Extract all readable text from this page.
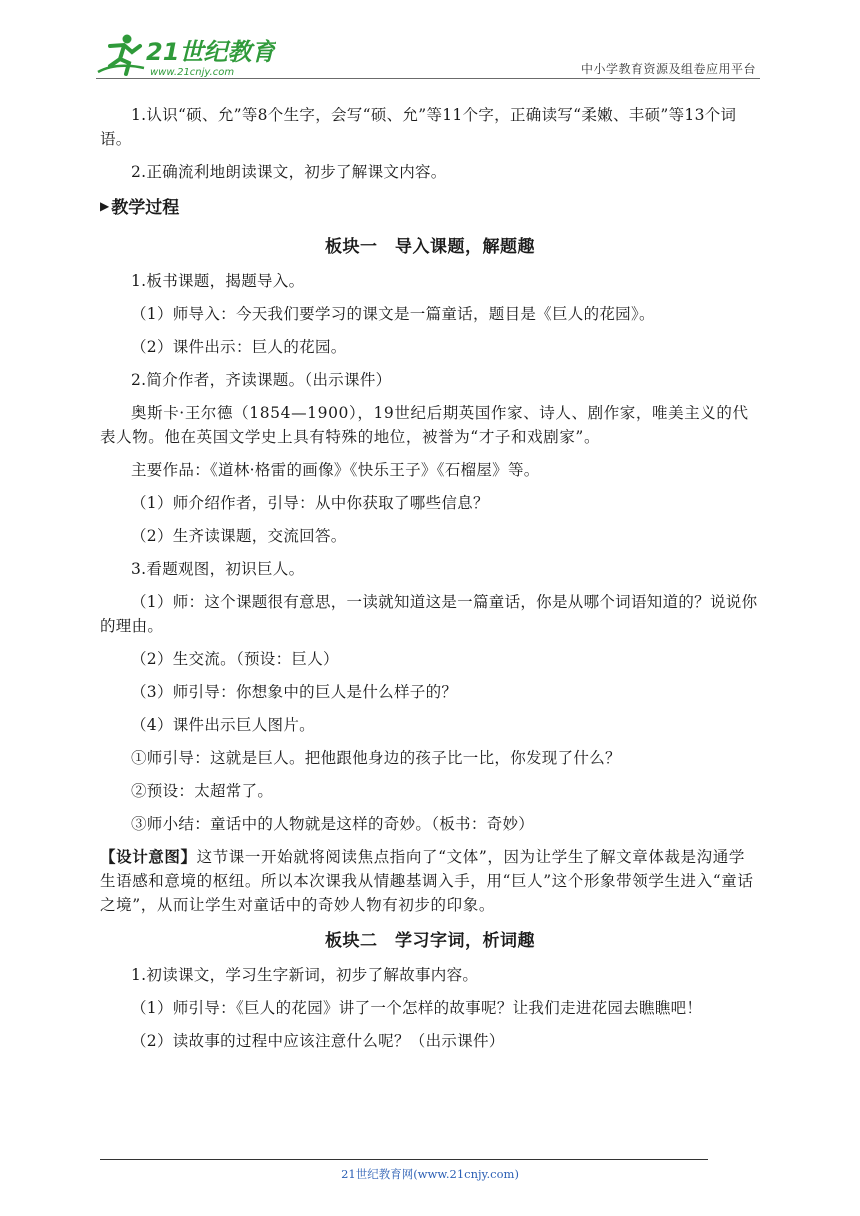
21世纪教育
www.21cnjy.com	中小学教育资源及组卷应用平台

1.认识“硕、允”等8个生字，会写“硕、允”等11个字，正确读写“柔嫩、丰硕”等13个词语。

2.正确流利地朗读课文，初步了解课文内容。

▶ 教学过程
板块一　导入课题，解题趣

1.板书课题，揭题导入。

（1）师导入：今天我们要学习的课文是一篇童话，题目是《巨人的花园》。

（2）课件出示：巨人的花园。

2.简介作者，齐读课题。（出示课件）

奥斯卡·王尔德（1854—1900），19世纪后期英国作家、诗人、剧作家，唯美主义的代表人物。他在英国文学史上具有特殊的地位，被誉为“才子和戏剧家”。

主要作品：《道林·格雷的画像》《快乐王子》《石榴屋》等。

（1）师介绍作者，引导：从中你获取了哪些信息？

（2）生齐读课题，交流回答。

3.看题观图，初识巨人。

（1）师：这个课题很有意思，一读就知道这是一篇童话，你是从哪个词语知道的？说说你的理由。

（2）生交流。（预设：巨人）

（3）师引导：你想象中的巨人是什么样子的？

（4）课件出示巨人图片。

①师引导：这就是巨人。把他跟他身边的孩子比一比，你发现了什么？

②预设：太超常了。

③师小结：童话中的人物就是这样的奇妙。（板书：奇妙）

【设计意图】这节课一开始就将阅读焦点指向了“文体”，因为让学生了解文章体裁是沟通学生语感和意境的枢纽。所以本次课我从情趣基调入手，用“巨人”这个形象带领学生进入“童话之境”，从而让学生对童话中的奇妙人物有初步的印象。

板块二　学习字词，析词趣

1.初读课文，学习生字新词，初步了解故事内容。

（1）师引导：《巨人的花园》讲了一个怎样的故事呢？让我们走进花园去瞧瞧吧！

（2）读故事的过程中应该注意什么呢？（出示课件）

21世纪教育网(www.21cnjy.com)
